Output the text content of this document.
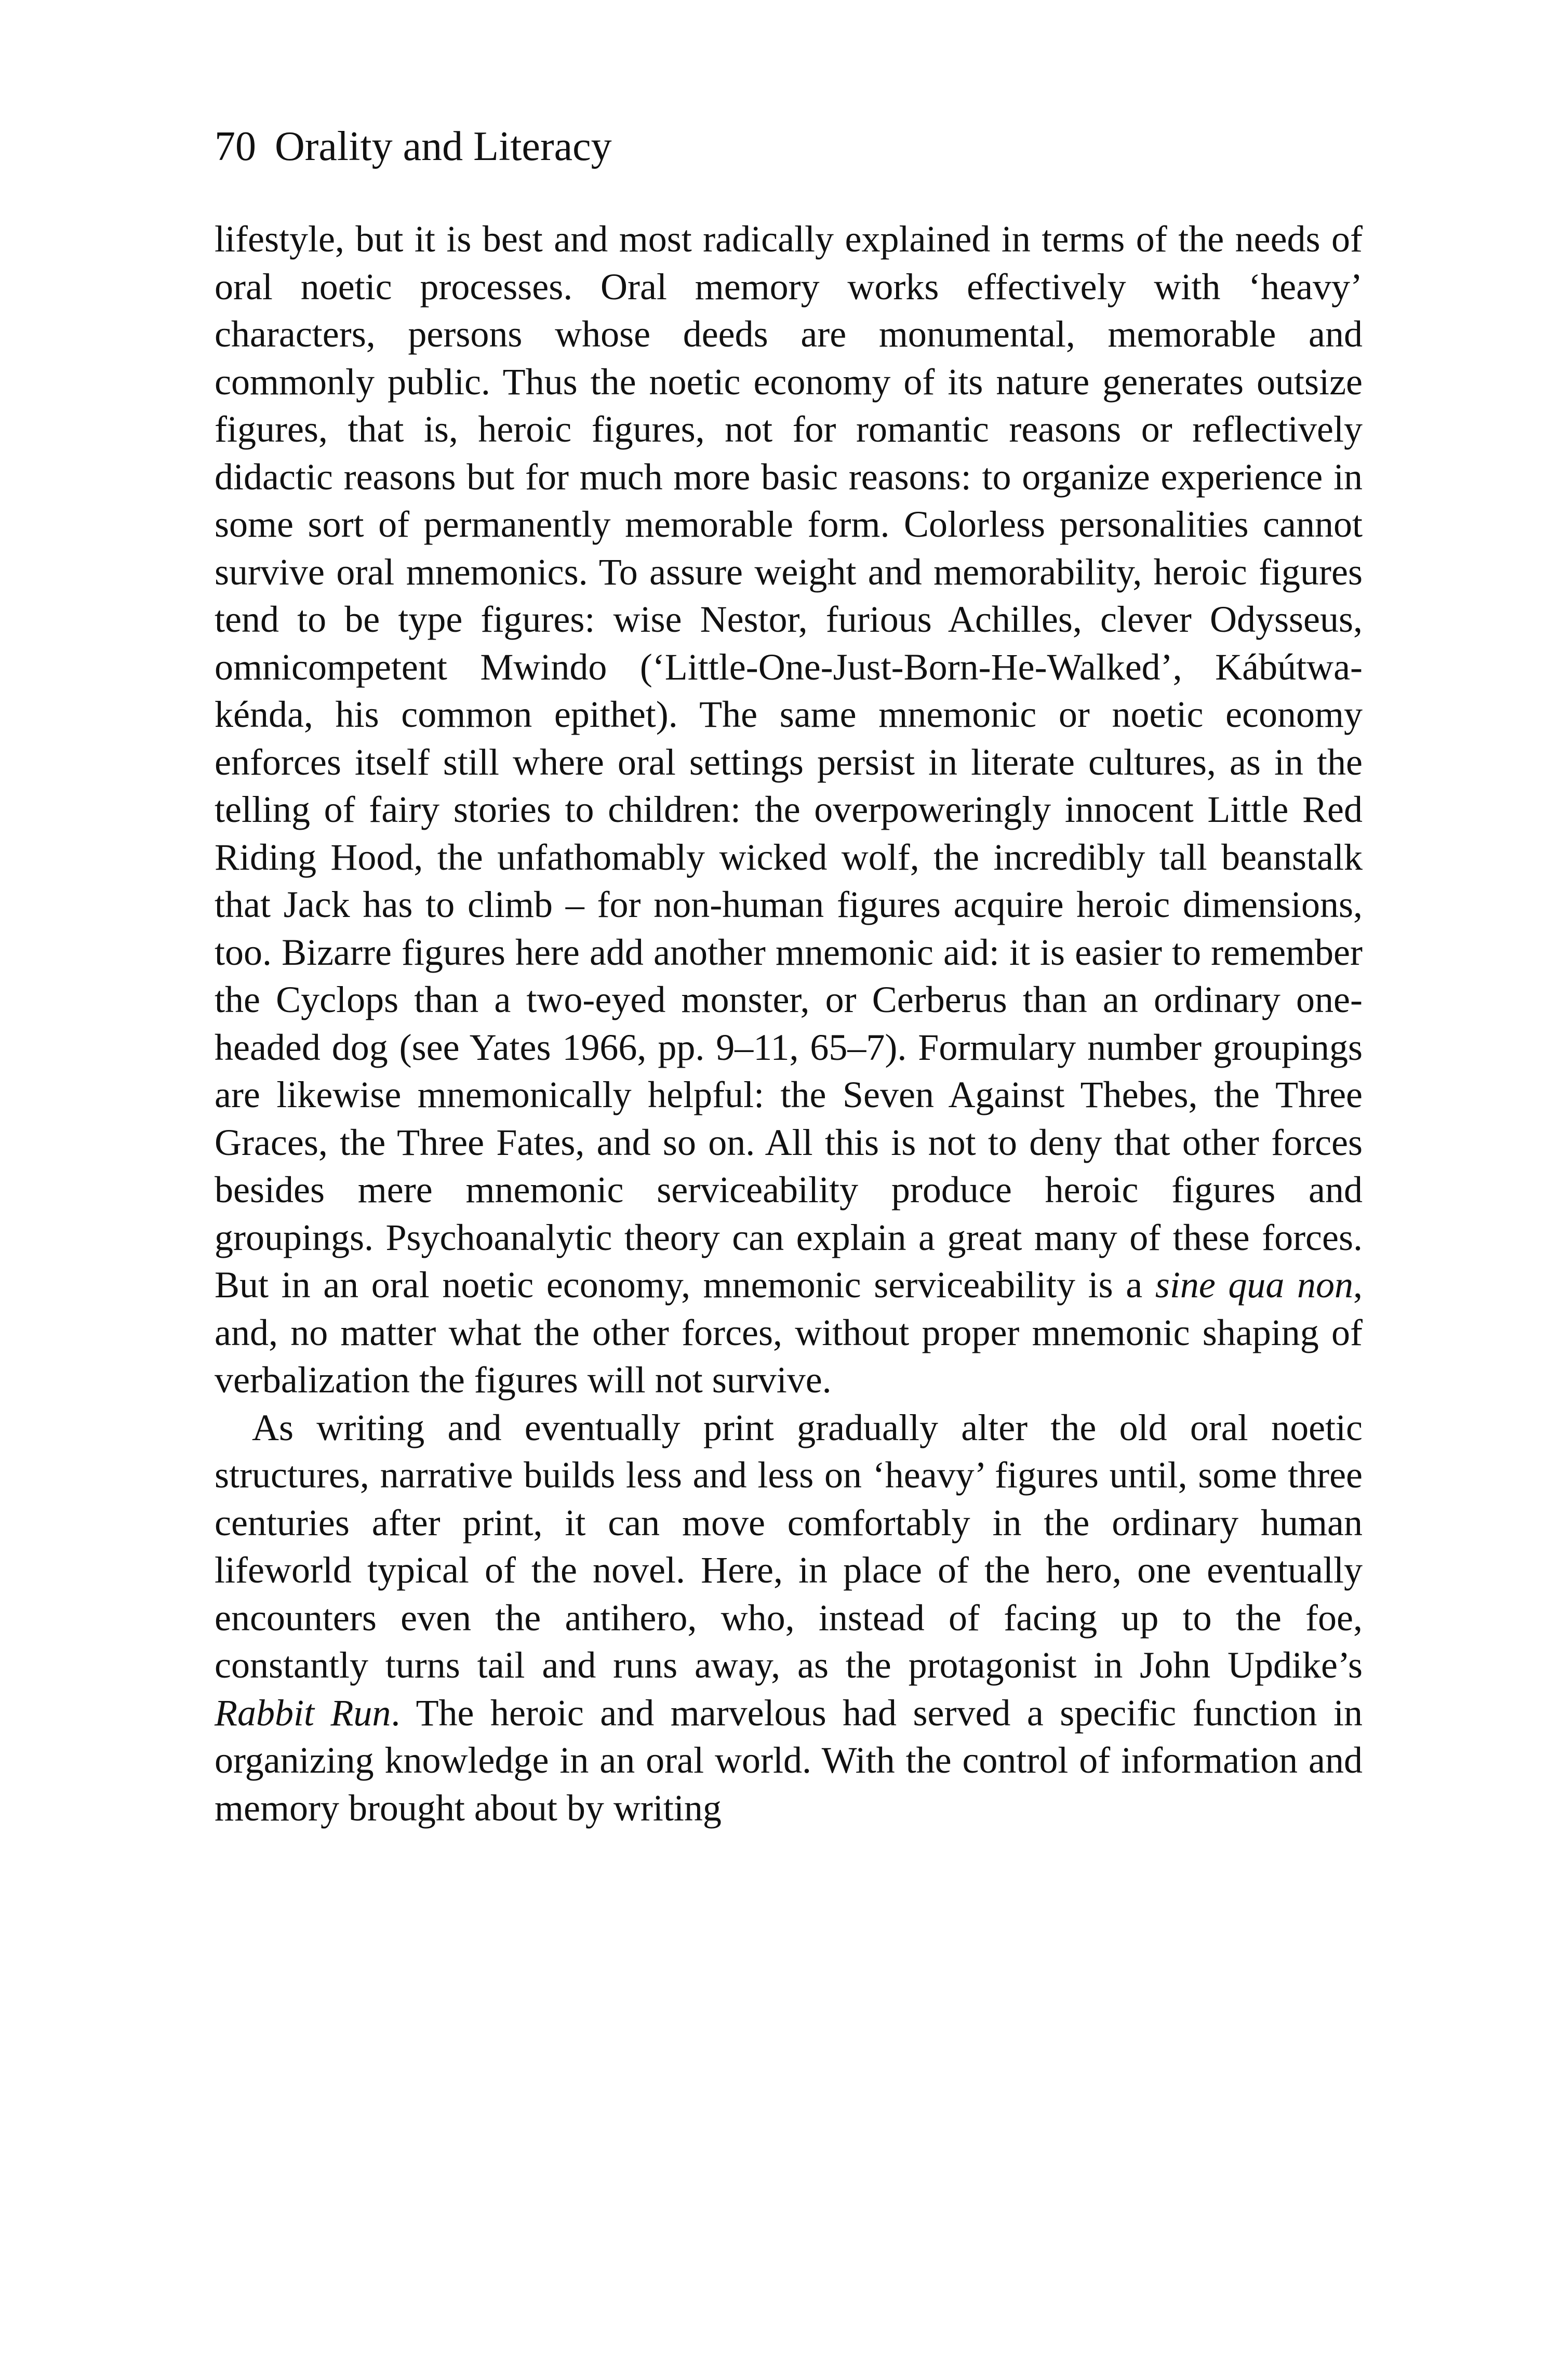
70 Orality and Literacy

lifestyle, but it is best and most radically explained in terms of the needs of oral noetic processes. Oral memory works effectively with ‘heavy’ characters, persons whose deeds are monumental, memorable and commonly public. Thus the noetic economy of its nature generates outsize figures, that is, heroic figures, not for romantic reasons or reflectively didactic reasons but for much more basic reasons: to organize experience in some sort of permanently memorable form. Colorless personalities cannot survive oral mnemonics. To assure weight and memorability, heroic figures tend to be type figures: wise Nestor, furious Achilles, clever Odysseus, omnicompetent Mwindo (‘Little-One-Just-Born-He-Walked’, Kábútwa-kénda, his common epithet). The same mnemonic or noetic economy enforces itself still where oral settings persist in literate cultures, as in the telling of fairy stories to children: the overpoweringly innocent Little Red Riding Hood, the unfathomably wicked wolf, the incredibly tall beanstalk that Jack has to climb – for non-human figures acquire heroic dimensions, too. Bizarre figures here add another mnemonic aid: it is easier to remember the Cyclops than a two-eyed monster, or Cerberus than an ordinary one-headed dog (see Yates 1966, pp. 9–11, 65–7). Formulary number groupings are likewise mnemonically helpful: the Seven Against Thebes, the Three Graces, the Three Fates, and so on. All this is not to deny that other forces besides mere mnemonic serviceability produce heroic figures and groupings. Psychoanalytic theory can explain a great many of these forces. But in an oral noetic economy, mnemonic serviceability is a sine qua non, and, no matter what the other forces, without proper mnemonic shaping of verbalization the figures will not survive.

As writing and eventually print gradually alter the old oral noetic structures, narrative builds less and less on ‘heavy’ figures until, some three centuries after print, it can move comfortably in the ordinary human lifeworld typical of the novel. Here, in place of the hero, one eventually encounters even the antihero, who, instead of facing up to the foe, constantly turns tail and runs away, as the protagonist in John Updike’s Rabbit Run. The heroic and marvelous had served a specific function in organizing knowledge in an oral world. With the control of information and memory brought about by writing
